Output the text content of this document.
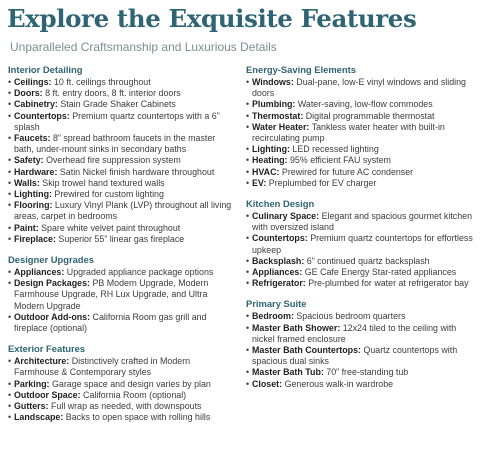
Explore the Exquisite Features
Unparalleled Craftsmanship and Luxurious Details
Interior Detailing
• Ceilings: 10 ft. ceilings throughout
• Doors: 8 ft. entry doors, 8 ft. interior doors
• Cabinetry: Stain Grade Shaker Cabinets
• Countertops: Premium quartz countertops with a 6” splash
• Faucets: 8” spread bathroom faucets in the master bath, under-mount sinks in secondary baths
• Safety: Overhead fire suppression system
• Hardware: Satin Nickel finish hardware throughout
• Walls: Skip trowel hand textured walls
• Lighting: Prewired for custom lighting
• Flooring: Luxury Vinyl Plank (LVP) throughout all living areas, carpet in bedrooms
• Paint: Spare white velvet paint throughout
• Fireplace: Superior 55” linear gas fireplace
Designer Upgrades
• Appliances: Upgraded appliance package options
• Design Packages: PB Modern Upgrade, Modern Farmhouse Upgrade, RH Lux Upgrade, and Ultra Modern Upgrade
• Outdoor Add-ons: California Room gas grill and fireplace (optional)
Exterior Features
• Architecture: Distinctively crafted in Modern Farmhouse & Contemporary styles
• Parking: Garage space and design varies by plan
• Outdoor Space: California Room (optional)
• Gutters: Full wrap as needed, with downspouts
• Landscape: Backs to open space with rolling hills
Energy-Saving Elements
• Windows: Dual-pane, low-E vinyl windows and sliding doors
• Plumbing: Water-saving, low-flow commodes
• Thermostat: Digital programmable thermostat
• Water Heater: Tankless water heater with built-in recirculating pump
• Lighting: LED recessed lighting
• Heating: 95% efficient FAU system
• HVAC: Prewired for future AC condenser
• EV: Preplumbed for EV charger
Kitchen Design
• Culinary Space: Elegant and spacious gourmet kitchen with oversized island
• Countertops: Premium quartz countertops for effortless upkeep
• Backsplash: 6” continued quartz backsplash
• Appliances: GE Cafe Energy Star-rated appliances
• Refrigerator: Pre-plumbed for water at refrigerator bay
Primary Suite
• Bedroom: Spacious bedroom quarters
• Master Bath Shower: 12x24 tiled to the ceiling with nickel framed enclosure
• Master Bath Countertops: Quartz countertops with spacious dual sinks
• Master Bath Tub: 70” free-standing tub
• Closet: Generous walk-in wardrobe
